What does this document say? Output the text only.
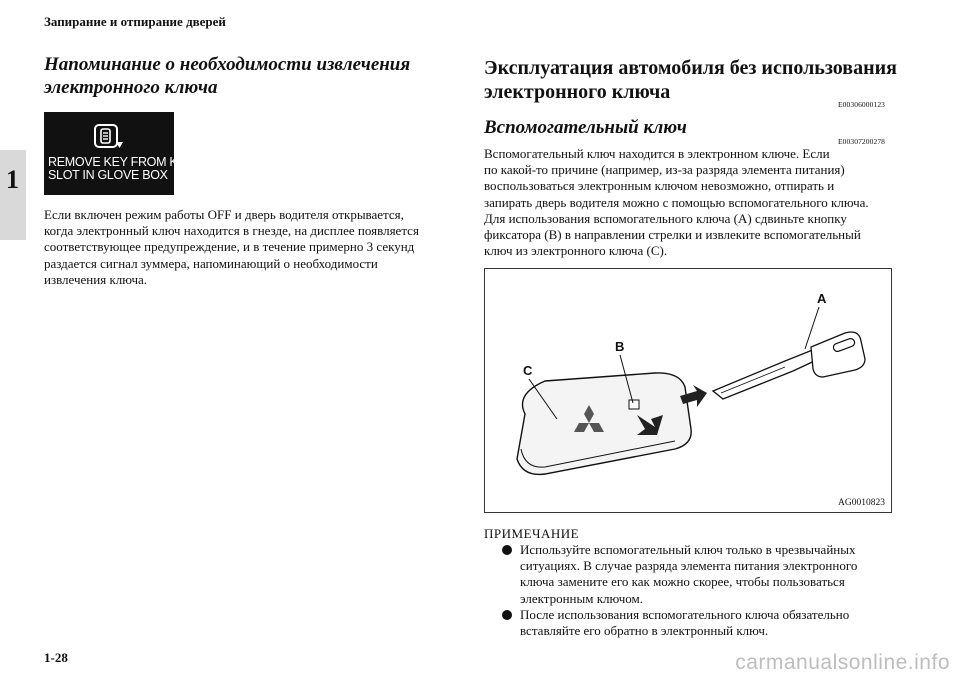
Запирание и отпирание дверей
1
Напоминание о необходимости извлечения
электронного ключа
REMOVE KEY FROM KEY
SLOT IN GLOVE BOX
Если включен режим работы OFF и дверь водителя открывается,
когда электронный ключ находится в гнезде, на дисплее появляется
соответствующее предупреждение, и в течение примерно 3 секунд
раздается сигнал зуммера, напоминающий о необходимости
извлечения ключа.
Эксплуатация автомобиля без использования
электронного ключа
E00306000123
Вспомогательный ключ
E00307200278
Вспомогательный ключ находится в электронном ключе. Если
по какой-то причине (например, из-за разряда элемента питания)
воспользоваться электронным ключом невозможно, отпирать и
запирать дверь водителя можно с помощью вспомогательного ключа.
Для использования вспомогательного ключа (A) сдвиньте кнопку
фиксатора (B) в направлении стрелки и извлеките вспомогательный
ключ из электронного ключа (C).
A
B
C
AG0010823
ПРИМЕЧАНИЕ
Используйте вспомогательный ключ только в чрезвычайных
ситуациях. В случае разряда элемента питания электронного
ключа замените его как можно скорее, чтобы пользоваться
электронным ключом.
После использования вспомогательного ключа обязательно
вставляйте его обратно в электронный ключ.
1-28	carmanualsonline.info
